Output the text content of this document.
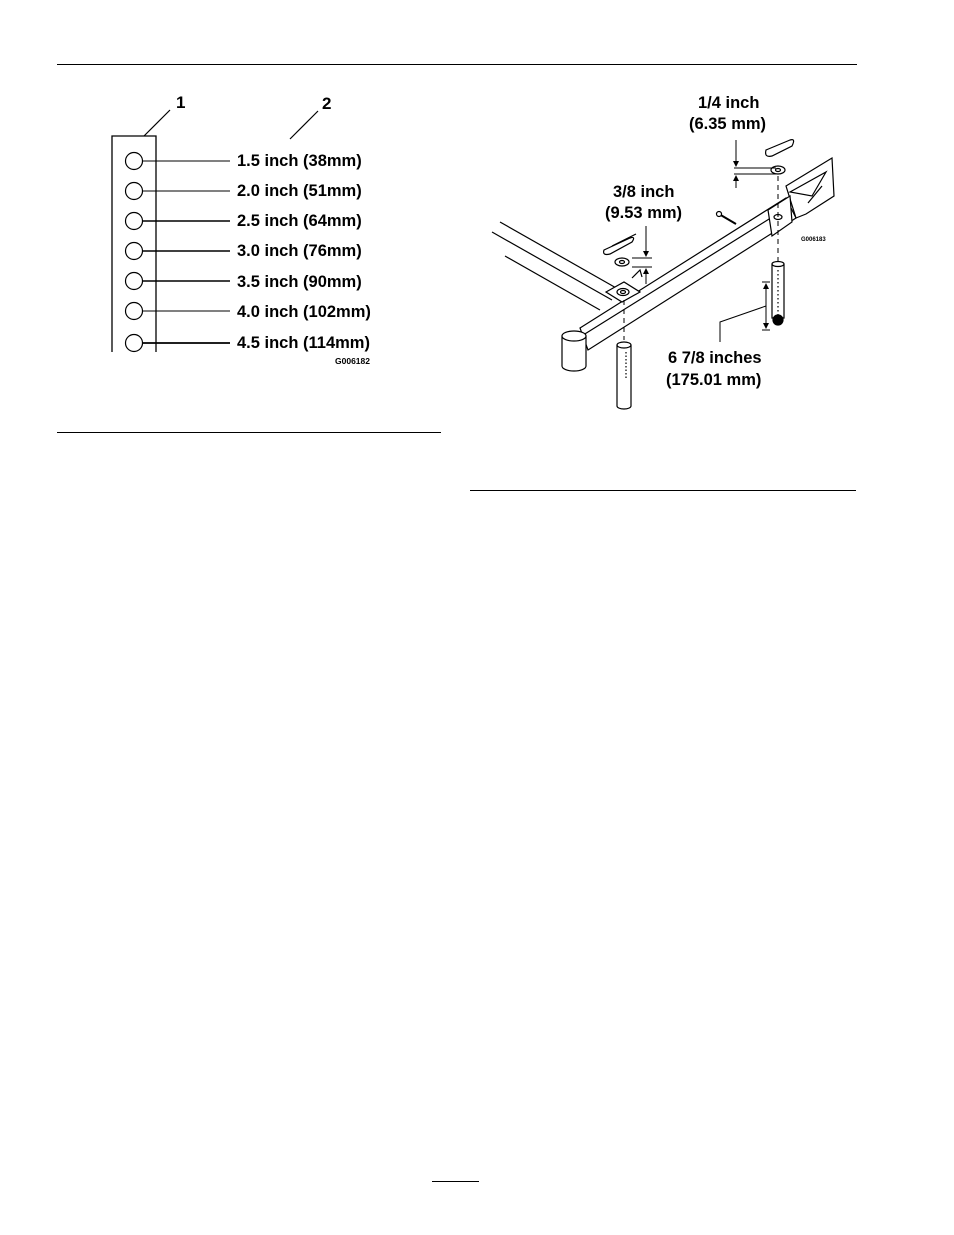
1	2
1.5 inch (38mm)
2.0 inch (51mm)
2.5 inch (64mm)
3.0 inch (76mm)
3.5 inch (90mm)
4.0 inch (102mm)
4.5 inch (114mm)
G006182
1/4 inch
(6.35 mm)
3/8 inch
(9.53 mm)
6 7/8 inches
(175.01 mm)
G006183
